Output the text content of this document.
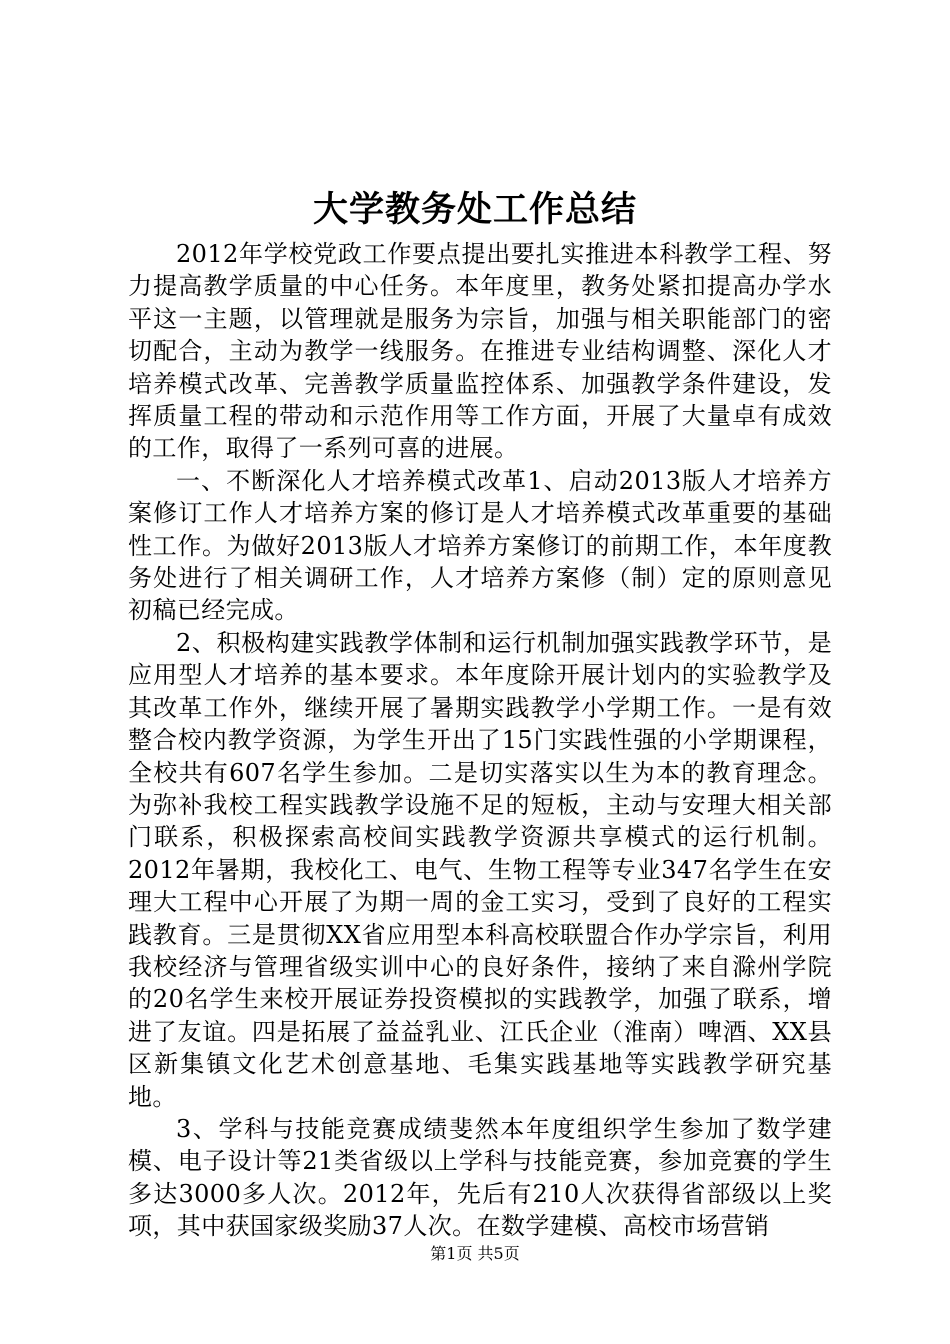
大学教务处工作总结

2012年学校党政工作要点提出要扎实推进本科教学工程、努力提高教学质量的中心任务。本年度里，教务处紧扣提高办学水平这一主题，以管理就是服务为宗旨，加强与相关职能部门的密切配合，主动为教学一线服务。在推进专业结构调整、深化人才培养模式改革、完善教学质量监控体系、加强教学条件建设，发挥质量工程的带动和示范作用等工作方面，开展了大量卓有成效的工作，取得了一系列可喜的进展。

一、不断深化人才培养模式改革1、启动2013版人才培养方案修订工作人才培养方案的修订是人才培养模式改革重要的基础性工作。为做好2013版人才培养方案修订的前期工作，本年度教务处进行了相关调研工作，人才培养方案修（制）定的原则意见初稿已经完成。

2、积极构建实践教学体制和运行机制加强实践教学环节，是应用型人才培养的基本要求。本年度除开展计划内的实验教学及其改革工作外，继续开展了暑期实践教学小学期工作。一是有效整合校内教学资源，为学生开出了15门实践性强的小学期课程，全校共有607名学生参加。二是切实落实以生为本的教育理念。为弥补我校工程实践教学设施不足的短板，主动与安理大相关部门联系，积极探索高校间实践教学资源共享模式的运行机制。2012年暑期，我校化工、电气、生物工程等专业347名学生在安理大工程中心开展了为期一周的金工实习，受到了良好的工程实践教育。三是贯彻XX省应用型本科高校联盟合作办学宗旨，利用我校经济与管理省级实训中心的良好条件，接纳了来自滁州学院的20名学生来校开展证券投资模拟的实践教学，加强了联系，增进了友谊。四是拓展了益益乳业、江氏企业（淮南）啤酒、XX县区新集镇文化艺术创意基地、毛集实践基地等实践教学研究基地。

3、学科与技能竞赛成绩斐然本年度组织学生参加了数学建模、电子设计等21类省级以上学科与技能竞赛，参加竞赛的学生多达3000多人次。2012年，先后有210人次获得省部级以上奖项，其中获国家级奖励37人次。在数学建模、高校市场营销

第1页 共5页
